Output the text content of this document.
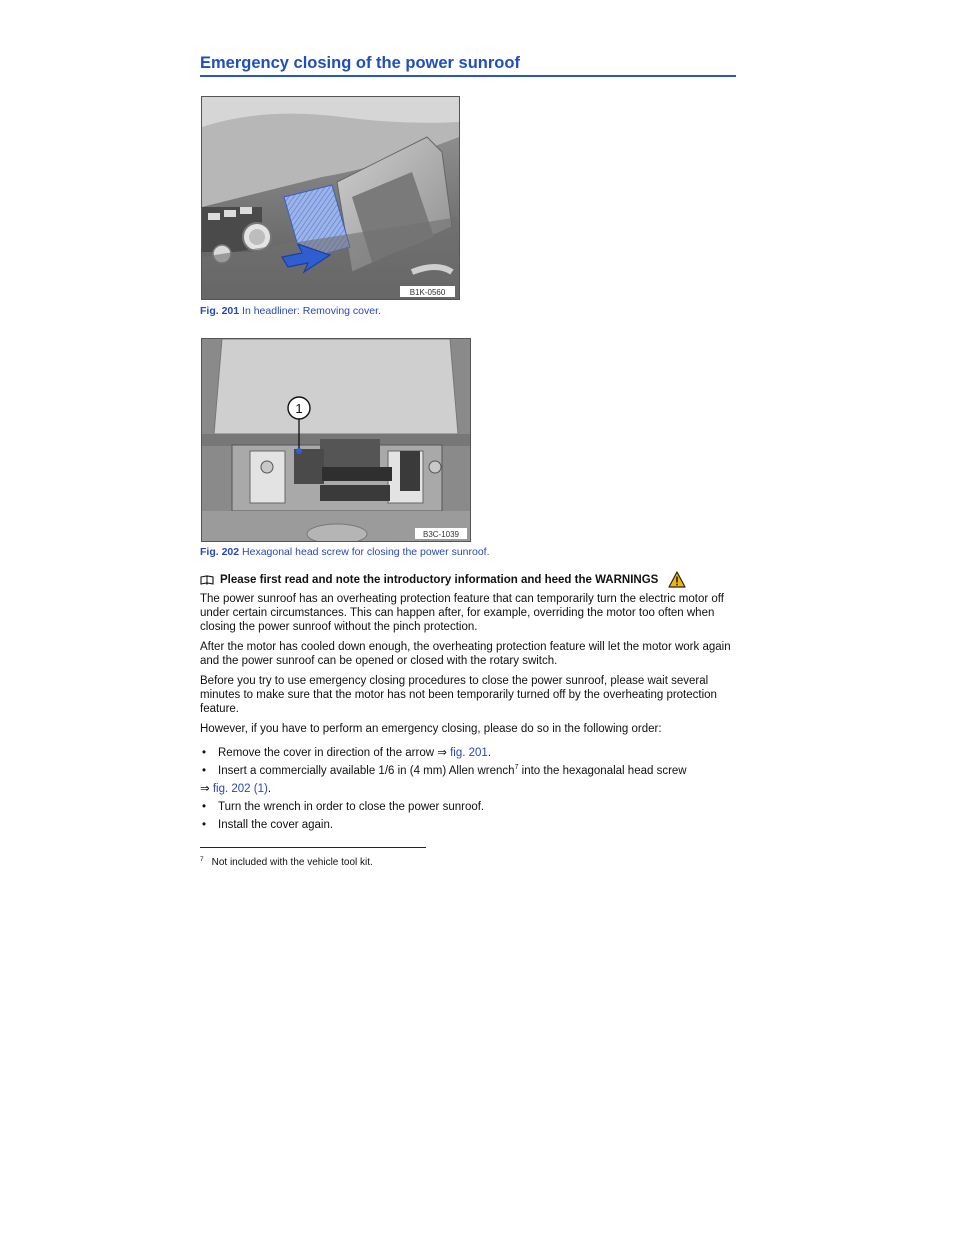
Emergency closing of the power sunroof
B1K-0560
Fig. 201 In headliner: Removing cover.
1
B3C-1039
Fig. 202 Hexagonal head screw for closing the power sunroof.
Please first read and note the introductory information and heed the WARNINGS
The power sunroof has an overheating protection feature that can temporarily turn the electric motor off under certain circumstances. This can happen after, for example, overriding the motor too often when closing the power sunroof without the pinch protection.
After the motor has cooled down enough, the overheating protection feature will let the motor work again and the power sunroof can be opened or closed with the rotary switch.
Before you try to use emergency closing procedures to close the power sunroof, please wait several minutes to make sure that the motor has not been temporarily turned off by the overheating protection feature.
However, if you have to perform an emergency closing, please do so in the following order:
• Remove the cover in direction of the arrow ⇒ fig. 201.
• Insert a commercially available 1/6 in (4 mm) Allen wrench$^7$ into the hexagonalal head screw
⇒ fig. 202 (1).
• Turn the wrench in order to close the power sunroof.
• Install the cover again.
$^7$ Not included with the vehicle tool kit.
